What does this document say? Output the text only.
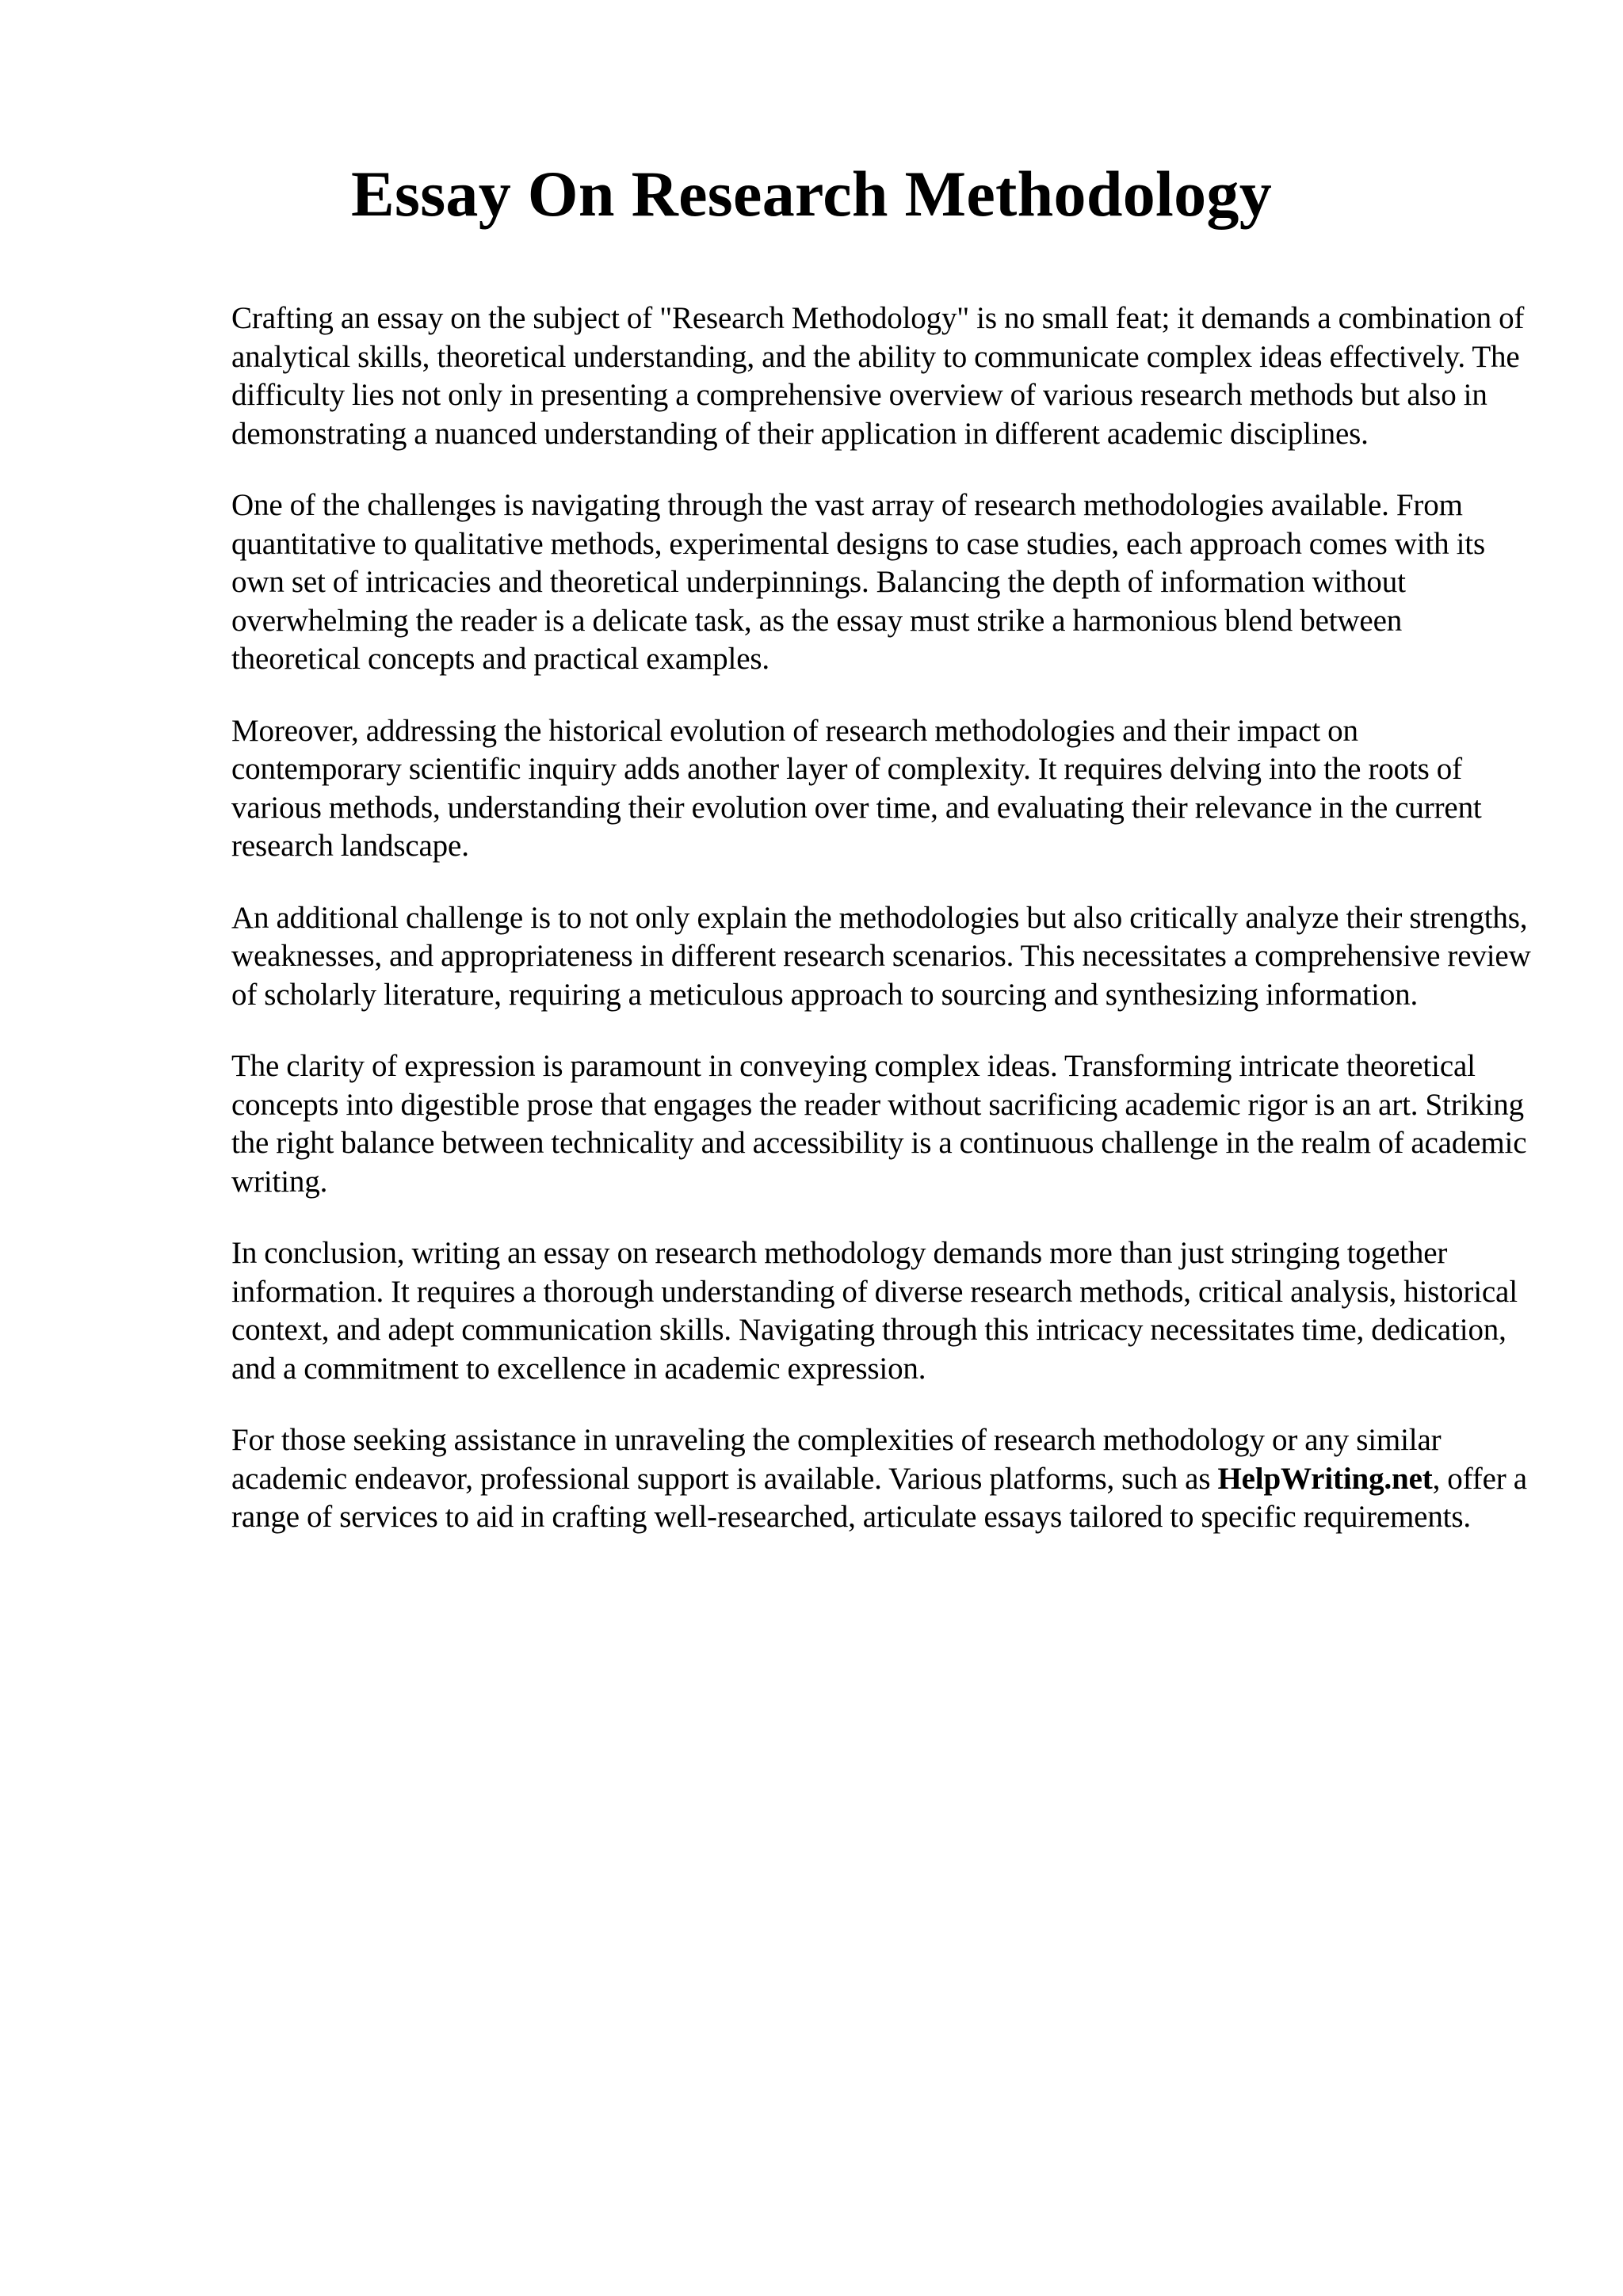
Essay On Research Methodology

Crafting an essay on the subject of "Research Methodology" is no small feat; it demands a combination of analytical skills, theoretical understanding, and the ability to communicate complex ideas effectively. The difficulty lies not only in presenting a comprehensive overview of various research methods but also in demonstrating a nuanced understanding of their application in different academic disciplines.

One of the challenges is navigating through the vast array of research methodologies available. From quantitative to qualitative methods, experimental designs to case studies, each approach comes with its own set of intricacies and theoretical underpinnings. Balancing the depth of information without overwhelming the reader is a delicate task, as the essay must strike a harmonious blend between theoretical concepts and practical examples.

Moreover, addressing the historical evolution of research methodologies and their impact on contemporary scientific inquiry adds another layer of complexity. It requires delving into the roots of various methods, understanding their evolution over time, and evaluating their relevance in the current research landscape.

An additional challenge is to not only explain the methodologies but also critically analyze their strengths, weaknesses, and appropriateness in different research scenarios. This necessitates a comprehensive review of scholarly literature, requiring a meticulous approach to sourcing and synthesizing information.

The clarity of expression is paramount in conveying complex ideas. Transforming intricate theoretical concepts into digestible prose that engages the reader without sacrificing academic rigor is an art. Striking the right balance between technicality and accessibility is a continuous challenge in the realm of academic writing.

In conclusion, writing an essay on research methodology demands more than just stringing together information. It requires a thorough understanding of diverse research methods, critical analysis, historical context, and adept communication skills. Navigating through this intricacy necessitates time, dedication, and a commitment to excellence in academic expression.

For those seeking assistance in unraveling the complexities of research methodology or any similar academic endeavor, professional support is available. Various platforms, such as HelpWriting.net, offer a range of services to aid in crafting well-researched, articulate essays tailored to specific requirements.
